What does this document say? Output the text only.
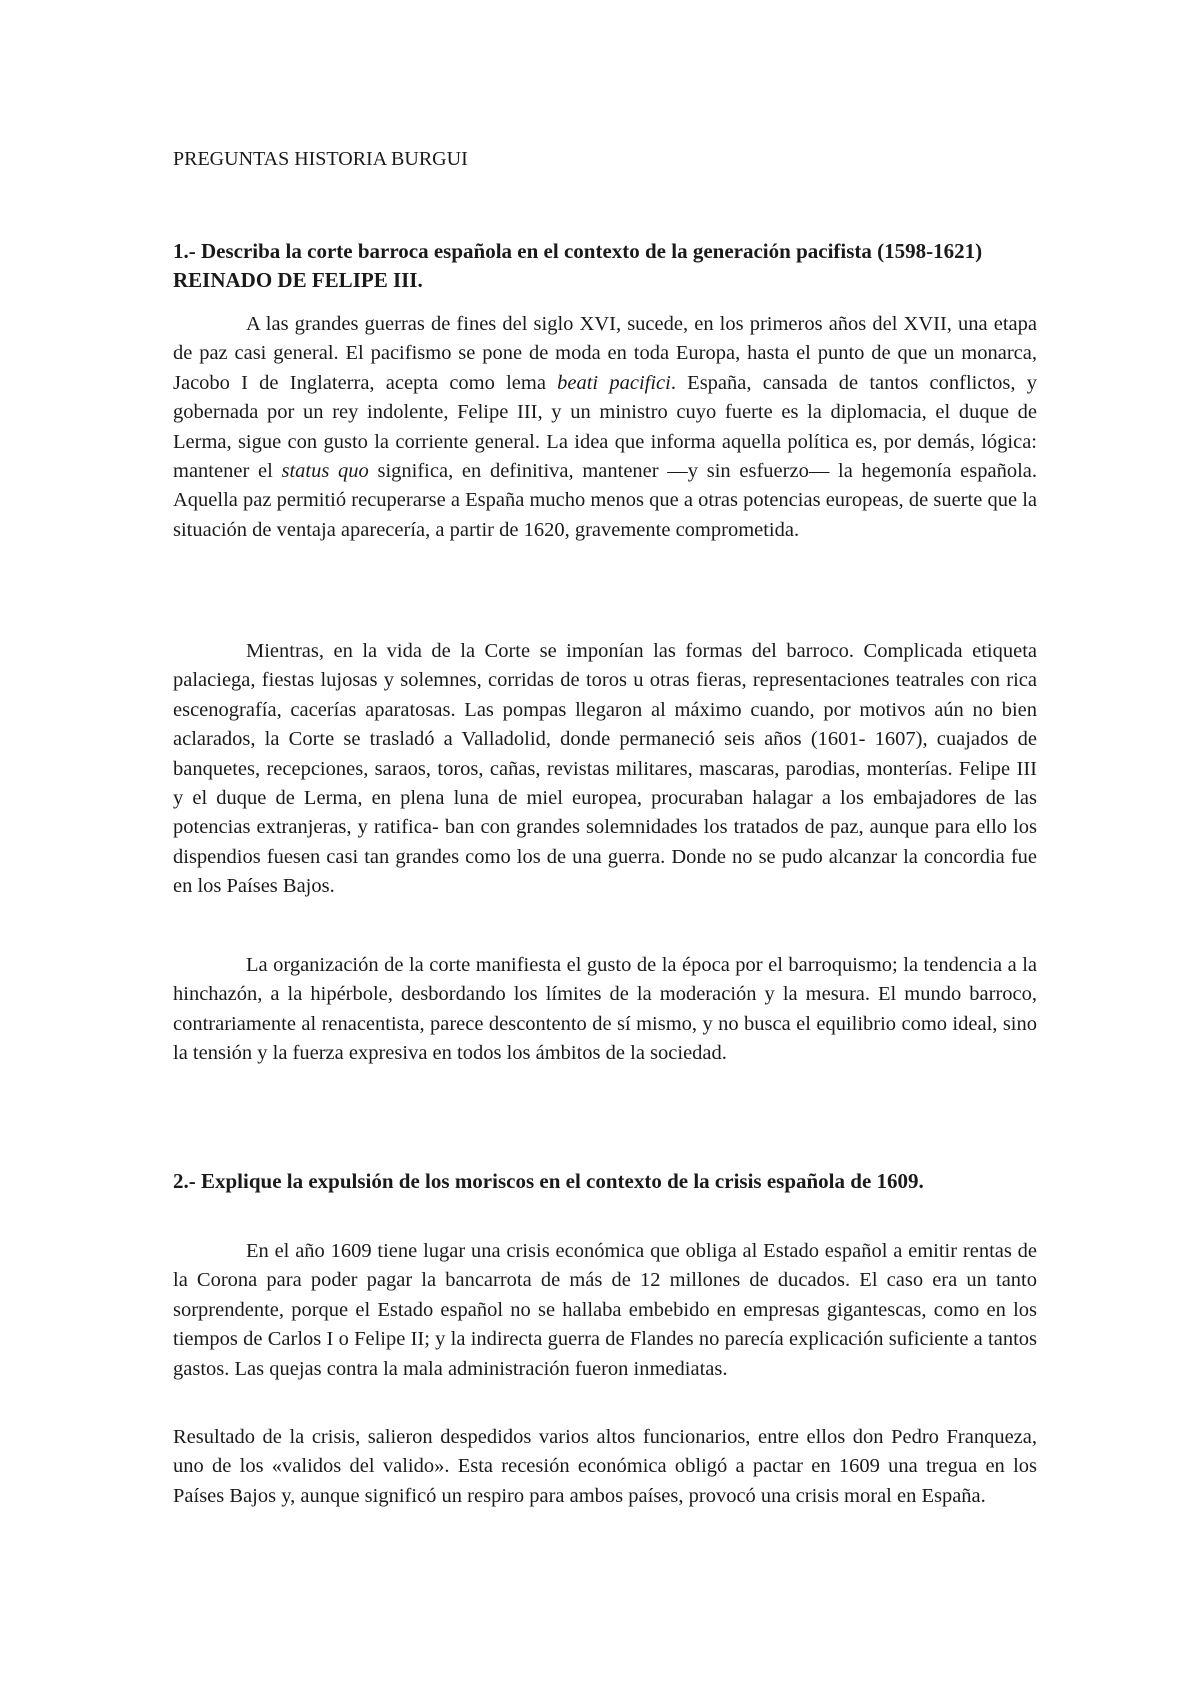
PREGUNTAS HISTORIA BURGUI

1.- Describa la corte barroca española en el contexto de la generación pacifista (1598-1621) REINADO DE FELIPE III.

A las grandes guerras de fines del siglo XVI, sucede, en los primeros años del XVII, una etapa de paz casi general. El pacifismo se pone de moda en toda Europa, hasta el punto de que un monarca, Jacobo I de Inglaterra, acepta como lema beati pacifici. España, cansada de tantos conflictos, y gobernada por un rey indolente, Felipe III, y un ministro cuyo fuerte es la diplomacia, el duque de Lerma, sigue con gusto la corriente general. La idea que informa aquella política es, por demás, lógica: mantener el status quo significa, en definitiva, mantener —y sin esfuerzo— la hegemonía española. Aquella paz permitió recuperarse a España mucho menos que a otras potencias europeas, de suerte que la situación de ventaja aparecería, a partir de 1620, gravemente comprometida.

Mientras, en la vida de la Corte se imponían las formas del barroco. Complicada etiqueta palaciega, fiestas lujosas y solemnes, corridas de toros u otras fieras, representaciones teatrales con rica escenografía, cacerías aparatosas. Las pompas llegaron al máximo cuando, por motivos aún no bien aclarados, la Corte se trasladó a Valladolid, donde permaneció seis años (1601- 1607), cuajados de banquetes, recepciones, saraos, toros, cañas, revistas militares, mascaras, parodias, monterías. Felipe III y el duque de Lerma, en plena luna de miel europea, procuraban halagar a los embajadores de las potencias extranjeras, y ratifica- ban con grandes solemnidades los tratados de paz, aunque para ello los dispendios fuesen casi tan grandes como los de una guerra. Donde no se pudo alcanzar la concordia fue en los Países Bajos.

La organización de la corte manifiesta el gusto de la época por el barroquismo; la tendencia a la hinchazón, a la hipérbole, desbordando los límites de la moderación y la mesura. El mundo barroco, contrariamente al renacentista, parece descontento de sí mismo, y no busca el equilibrio como ideal, sino la tensión y la fuerza expresiva en todos los ámbitos de la sociedad.

2.- Explique la expulsión de los moriscos en el contexto de la crisis española de 1609.

En el año 1609 tiene lugar una crisis económica que obliga al Estado español a emitir rentas de la Corona para poder pagar la bancarrota de más de 12 millones de ducados. El caso era un tanto sorprendente, porque el Estado español no se hallaba embebido en empresas gigantescas, como en los tiempos de Carlos I o Felipe II; y la indirecta guerra de Flandes no parecía explicación suficiente a tantos gastos. Las quejas contra la mala administración fueron inmediatas.

Resultado de la crisis, salieron despedidos varios altos funcionarios, entre ellos don Pedro Franqueza, uno de los «validos del valido». Esta recesión económica obligó a pactar en 1609 una tregua en los Países Bajos y, aunque significó un respiro para ambos países, provocó una crisis moral en España.
